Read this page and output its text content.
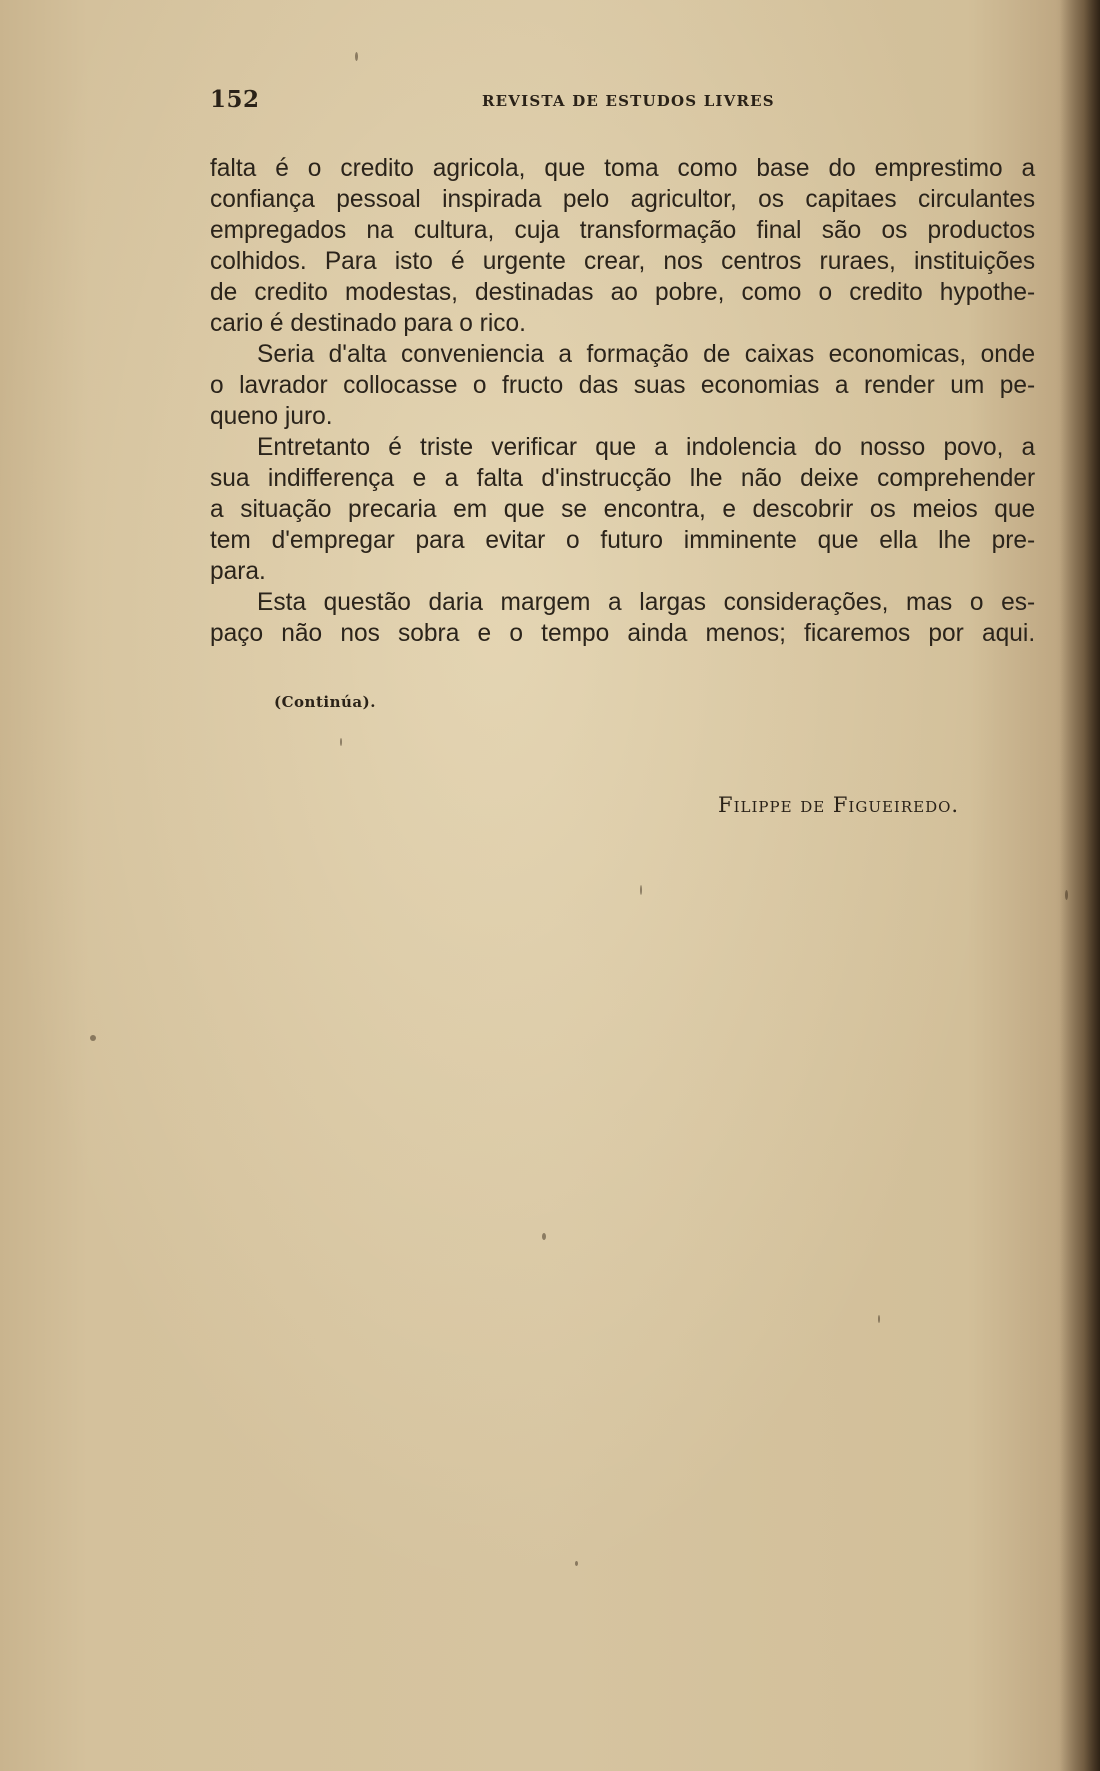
152	REVISTA DE ESTUDOS LIVRES
falta é o credito agricola, que toma como base do emprestimo a
confiança pessoal inspirada pelo agricultor, os capitaes circulantes
empregados na cultura, cuja transformação final são os productos
colhidos. Para isto é urgente crear, nos centros ruraes, instituições
de credito modestas, destinadas ao pobre, como o credito hypothe-
cario é destinado para o rico.
Seria d'alta conveniencia a formação de caixas economicas, onde
o lavrador collocasse o fructo das suas economias a render um pe-
queno juro.
Entretanto é triste verificar que a indolencia do nosso povo, a
sua indifferença e a falta d'instrucção lhe não deixe comprehender
a situação precaria em que se encontra, e descobrir os meios que
tem d'empregar para evitar o futuro imminente que ella lhe pre-
para.
Esta questão daria margem a largas considerações, mas o es-
paço não nos sobra e o tempo ainda menos; ficaremos por aqui.
(Continúa).
Filippe de Figueiredo.
